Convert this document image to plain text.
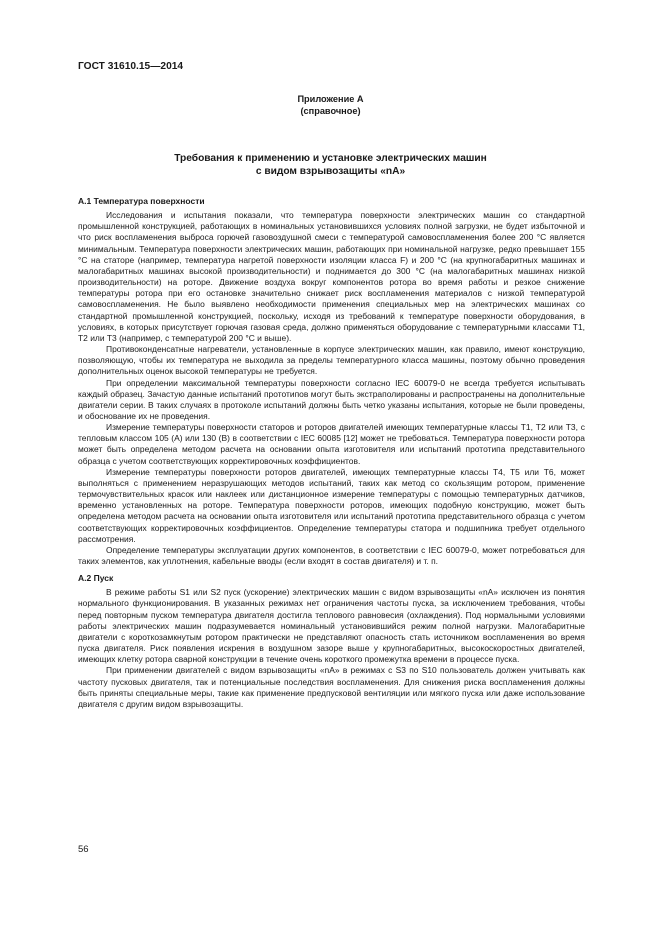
ГОСТ 31610.15—2014
Приложение А
(справочное)
Требования к применению и установке электрических машин
с видом взрывозащиты «nA»
А.1 Температура поверхности

Исследования и испытания показали, что температура поверхности электрических машин со стандартной промышленной конструкцией, работающих в номинальных установившихся условиях полной загрузки, не будет избыточной и что риск воспламенения выброса горючей газовоздушной смеси с температурой самовоспламенения более 200 °С является минимальным. Температура поверхности электрических машин, работающих при номинальной нагрузке, редко превышает 155 °С на статоре (например, температура нагретой поверхности изоляции класса F) и 200 °С (на крупногабаритных машинах и малогабаритных машинах высокой производительности) и поднимается до 300 °С (на малогабаритных машинах низкой производительности) на роторе. Движение воздуха вокруг компонентов ротора во время работы и резкое снижение температуры ротора при его остановке значительно снижает риск воспламенения материалов с низкой температурой самовоспламенения. Не было выявлено необходимости применения специальных мер на электрических машинах со стандартной промышленной конструкцией, поскольку, исходя из требований к температуре поверхности оборудования, в условиях, в которых присутствует горючая газовая среда, должно применяться оборудование с температурными классами Т1, Т2 или Т3 (например, с температурой 200 °С и выше).

Противоконденсатные нагреватели, установленные в корпусе электрических машин, как правило, имеют конструкцию, позволяющую, чтобы их температура не выходила за пределы температурного класса машины, поэтому обычно проведения дополнительных оценок высокой температуры не требуется.

При определении максимальной температуры поверхности согласно IEC 60079-0 не всегда требуется испытывать каждый образец. Зачастую данные испытаний прототипов могут быть экстраполированы и распространены на дополнительные двигатели серии. В таких случаях в протоколе испытаний должны быть четко указаны испытания, которые не были проведены, и обоснование их не проведения.

Измерение температуры поверхности статоров и роторов двигателей имеющих температурные классы Т1, Т2 или Т3, с тепловым классом 105 (А) или 130 (В) в соответствии с IEC 60085 [12] может не требоваться. Температура поверхности ротора может быть определена методом расчета на основании опыта изготовителя или испытаний прототипа представительного образца с учетом соответствующих корректировочных коэффициентов.

Измерение температуры поверхности роторов двигателей, имеющих температурные классы Т4, Т5 или Т6, может выполняться с применением неразрушающих методов испытаний, таких как метод со скользящим ротором, применение термочувствительных красок или наклеек или дистанционное измерение температуры с помощью температурных датчиков, временно установленных на роторе. Температура поверхности роторов, имеющих подобную конструкцию, может быть определена методом расчета на основании опыта изготовителя или испытаний прототипа представительного образца с учетом соответствующих корректировочных коэффициентов. Определение температуры статора и подшипника требует отдельного рассмотрения.

Определение температуры эксплуатации других компонентов, в соответствии с IEC 60079-0, может потребоваться для таких элементов, как уплотнения, кабельные вводы (если входят в состав двигателя) и т. п.

А.2 Пуск

В режиме работы S1 или S2 пуск (ускорение) электрических машин с видом взрывозащиты «nA» исключен из понятия нормального функционирования. В указанных режимах нет ограничения частоты пуска, за исключением требования, чтобы перед повторным пуском температура двигателя достигла теплового равновесия (охлаждения). Под нормальными условиями работы электрических машин подразумевается номинальный установившийся режим полной нагрузки. Малогабаритные двигатели с короткозамкнутым ротором практически не представляют опасность стать источником воспламенения во время пуска двигателя. Риск появления искрения в воздушном зазоре выше у крупногабаритных, высокоскоростных двигателей, имеющих клетку ротора сварной конструкции в течение очень короткого промежутка времени в процессе пуска.

При применении двигателей с видом взрывозащиты «nA» в режимах с S3 по S10 пользователь должен учитывать как частоту пусковых двигателя, так и потенциальные последствия воспламенения. Для снижения риска воспламенения должны быть приняты специальные меры, такие как применение предпусковой вентиляции или мягкого пуска или даже использование двигателя с другим видом взрывозащиты.

56
